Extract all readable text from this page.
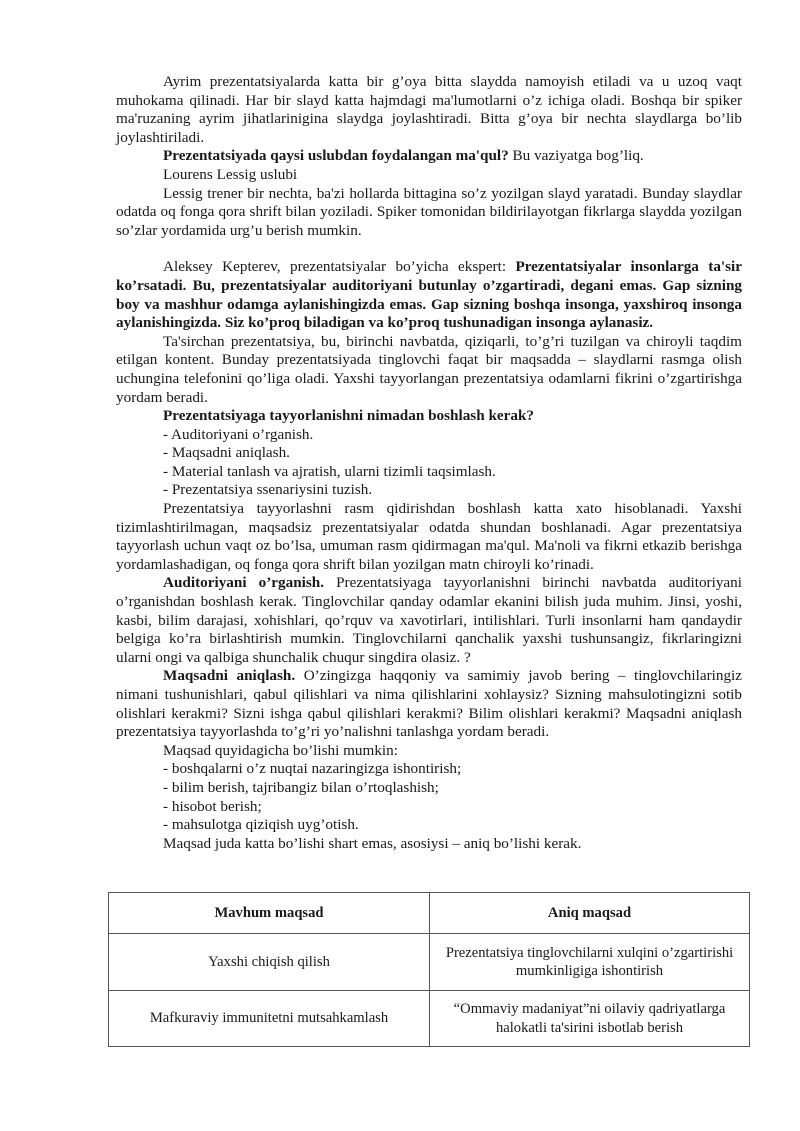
Ayrim prezentatsiyalarda katta bir g’oya bitta slaydda namoyish etiladi va u uzoq vaqt muhokama qilinadi. Har bir slayd katta hajmdagi ma'lumotlarni o’z ichiga oladi. Boshqa bir spiker ma'ruzaning ayrim jihatlarinigina slaydga joylashtiradi. Bitta g’oya bir nechta slaydlarga bo’lib joylashtiriladi.

Prezentatsiyada qaysi uslubdan foydalangan ma'qul? Bu vaziyatga bog’liq.

Lourens Lessig uslubi

Lessig trener bir nechta, ba'zi hollarda bittagina so’z yozilgan slayd yaratadi. Bunday slaydlar odatda oq fonga qora shrift bilan yoziladi. Spiker tomonidan bildirilayotgan fikrlarga slaydda yozilgan so’zlar yordamida urg’u berish mumkin.

Aleksey Kepterev, prezentatsiyalar bo’yicha ekspert: Prezentatsiyalar insonlarga ta'sir ko’rsatadi. Bu, prezentatsiyalar auditoriyani butunlay o’zgartiradi, degani emas. Gap sizning boy va mashhur odamga aylanishingizda emas. Gap sizning boshqa insonga, yaxshiroq insonga aylanishingizda. Siz ko’proq biladigan va ko’proq tushunadigan insonga aylanasiz.

Ta'sirchan prezentatsiya, bu, birinchi navbatda, qiziqarli, to’g’ri tuzilgan va chiroyli taqdim etilgan kontent. Bunday prezentatsiyada tinglovchi faqat bir maqsadda – slaydlarni rasmga olish uchungina telefonini qo’liga oladi. Yaxshi tayyorlangan prezentatsiya odamlarni fikrini o’zgartirishga yordam beradi.

Prezentatsiyaga tayyorlanishni nimadan boshlash kerak?

- Auditoriyani o’rganish.

- Maqsadni aniqlash.

- Material tanlash va ajratish, ularni tizimli taqsimlash.

- Prezentatsiya ssenariysini tuzish.

Prezentatsiya tayyorlashni rasm qidirishdan boshlash katta xato hisoblanadi. Yaxshi tizimlashtirilmagan, maqsadsiz prezentatsiyalar odatda shundan boshlanadi. Agar prezentatsiya tayyorlash uchun vaqt oz bo’lsa, umuman rasm qidirmagan ma'qul. Ma'noli va fikrni etkazib berishga yordamlashadigan, oq fonga qora shrift bilan yozilgan matn chiroyli ko’rinadi.

Auditoriyani o’rganish. Prezentatsiyaga tayyorlanishni birinchi navbatda auditoriyani o’rganishdan boshlash kerak. Tinglovchilar qanday odamlar ekanini bilish juda muhim. Jinsi, yoshi, kasbi, bilim darajasi, xohishlari, qo’rquv va xavotirlari, intilishlari. Turli insonlarni ham qandaydir belgiga ko’ra birlashtirish mumkin. Tinglovchilarni qanchalik yaxshi tushunsangiz, fikrlaringizni ularni ongi va qalbiga shunchalik chuqur singdira olasiz. ?

Maqsadni aniqlash. O’zingizga haqqoniy va samimiy javob bering – tinglovchilaringiz nimani tushunishlari, qabul qilishlari va nima qilishlarini xohlaysiz? Sizning mahsulotingizni sotib olishlari kerakmi? Sizni ishga qabul qilishlari kerakmi? Bilim olishlari kerakmi? Maqsadni aniqlash prezentatsiya tayyorlashda to’g’ri yo’nalishni tanlashga yordam beradi.

Maqsad quyidagicha bo’lishi mumkin:

- boshqalarni o’z nuqtai nazaringizga ishontirish;

- bilim berish, tajribangiz bilan o’rtoqlashish;

- hisobot berish;

- mahsulotga qiziqish uyg’otish.

Maqsad juda katta bo’lishi shart emas, asosiysi – aniq bo’lishi kerak.

Mavhum maqsad	Aniq maqsad
Yaxshi chiqish qilish	Prezentatsiya tinglovchilarni xulqini o’zgartirishi mumkinligiga ishontirish
Mafkuraviy immunitetni mutsahkamlash	“Ommaviy madaniyat”ni oilaviy qadriyatlarga halokatli ta'sirini isbotlab berish
